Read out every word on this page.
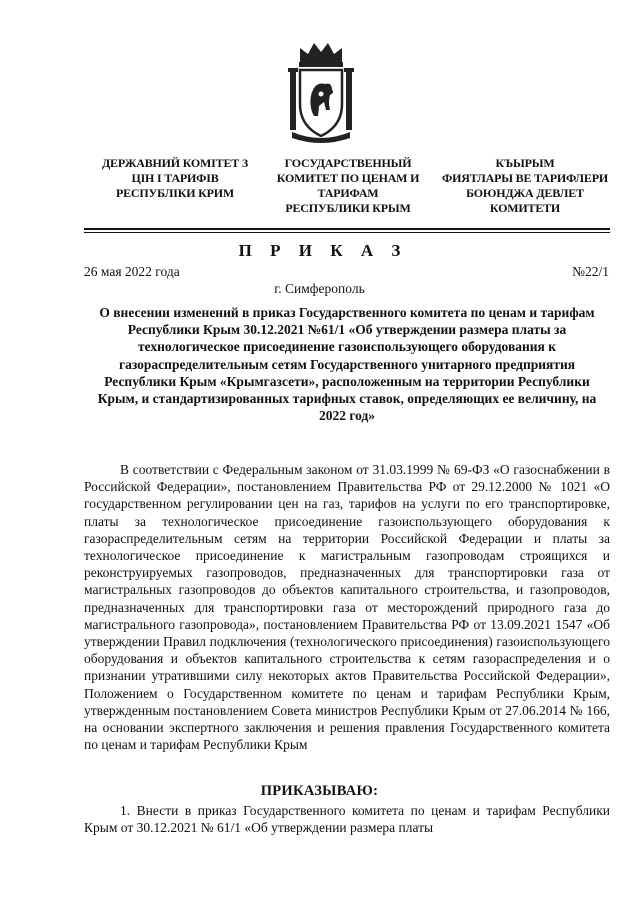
ДЕРЖАВНИЙ КОМІТЕТ З
ЦІН І ТАРИФІВ
РЕСПУБЛІКИ КРИМ
ГОСУДАРСТВЕННЫЙ
КОМИТЕТ ПО ЦЕНАМ И
ТАРИФАМ
РЕСПУБЛИКИ КРЫМ
КЪЫРЫМ
ФИЯТЛАРЫ ВЕ ТАРИФЛЕРИ
БОЮНДЖА ДЕВЛЕТ
КОМИТЕТИ
П Р И К А З
26 мая 2022 года	№22/1
г. Симферополь
О внесении изменений в приказ Государственного комитета по ценам и тарифам Республики Крым 30.12.2021 №61/1 «Об утверждении размера платы за технологическое присоединение газоиспользующего оборудования к газораспределительным сетям Государственного унитарного предприятия Республики Крым «Крымгазсети», расположенным на территории Республики Крым, и стандартизированных тарифных ставок, определяющих ее величину, на 2022 год»
В соответствии с Федеральным законом от 31.03.1999 № 69-ФЗ «О газоснабжении в Российской Федерации», постановлением Правительства РФ от 29.12.2000 № 1021 «О государственном регулировании цен на газ, тарифов на услуги по его транспортировке, платы за технологическое присоединение газоиспользующего оборудования к газораспределительным сетям на территории Российской Федерации и платы за технологическое присоединение к магистральным газопроводам строящихся и реконструируемых газопроводов, предназначенных для транспортировки газа от магистральных газопроводов до объектов капитального строительства, и газопроводов, предназначенных для транспортировки газа от месторождений природного газа до магистрального газопровода», постановлением Правительства РФ от 13.09.2021 1547 «Об утверждении Правил подключения (технологического присоединения) газоиспользующего оборудования и объектов капитального строительства к сетям газораспределения и о признании утратившими силу некоторых актов Правительства Российской Федерации», Положением о Государственном комитете по ценам и тарифам Республики Крым, утвержденным постановлением Совета министров Республики Крым от 27.06.2014 № 166, на основании экспертного заключения и решения правления Государственного комитета по ценам и тарифам Республики Крым
ПРИКАЗЫВАЮ:
1. Внести в приказ Государственного комитета по ценам и тарифам Республики Крым от 30.12.2021 № 61/1 «Об утверждении размера платы
